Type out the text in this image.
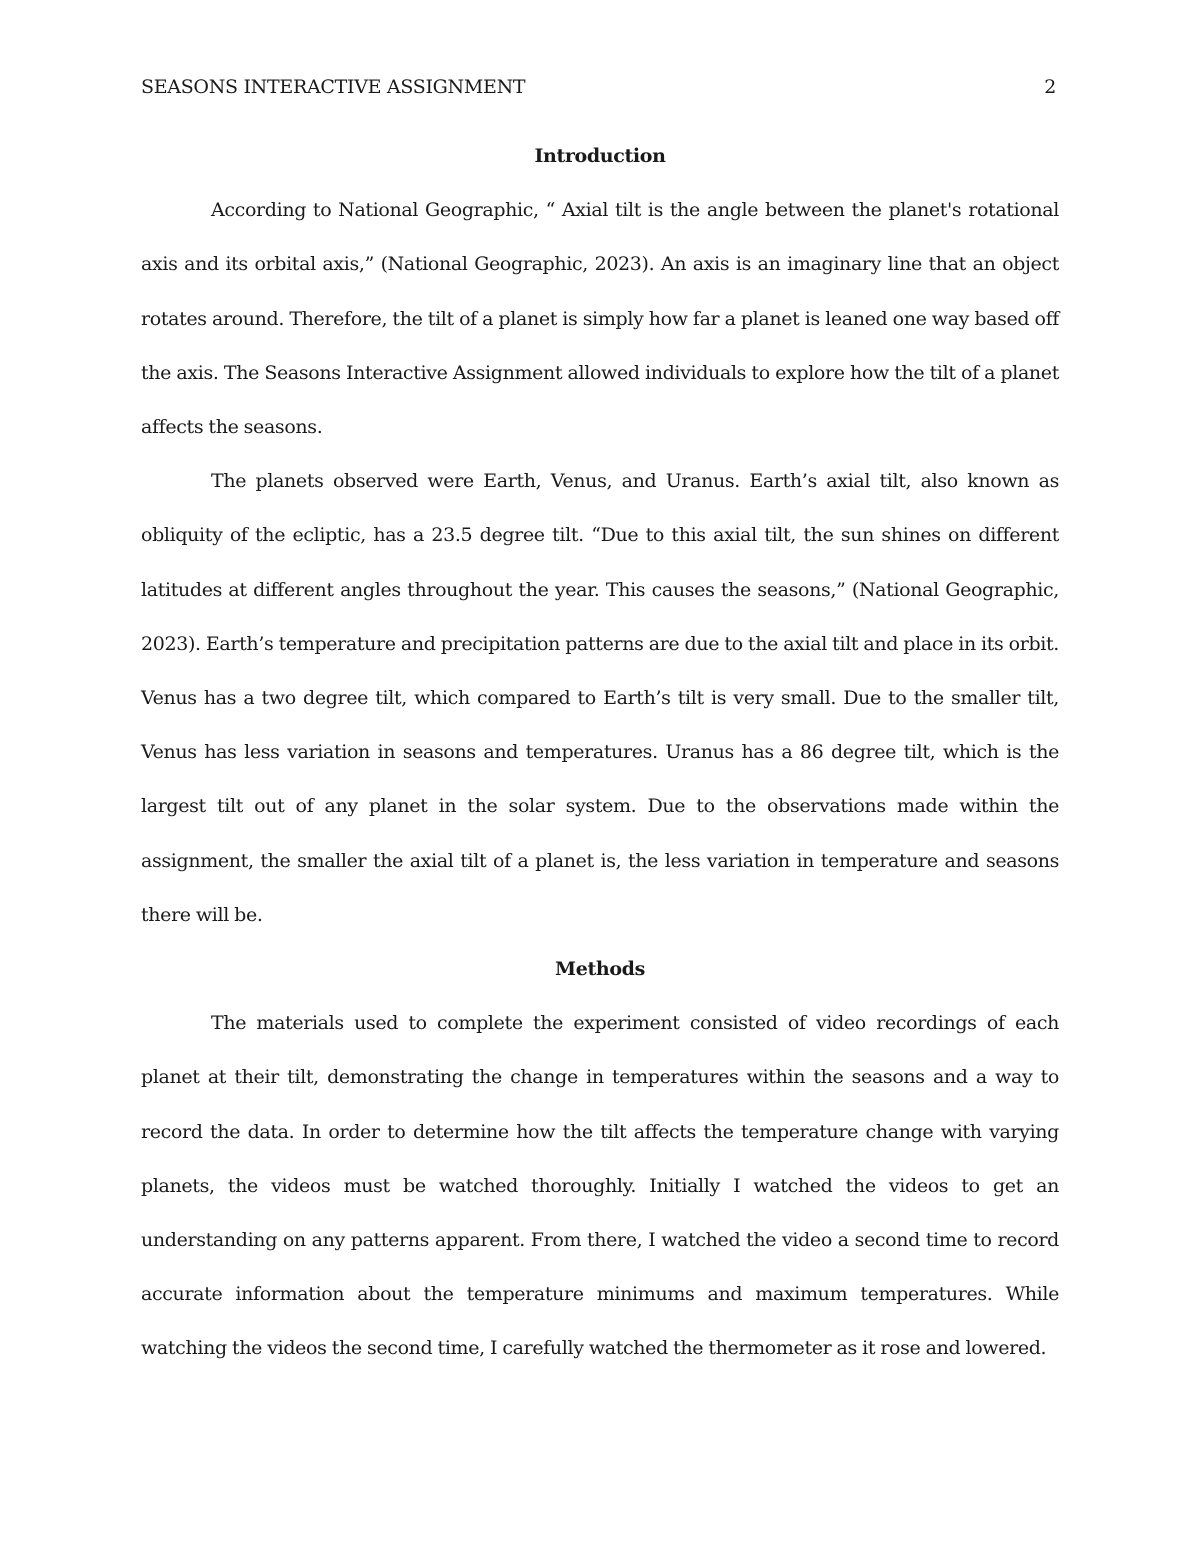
SEASONS INTERACTIVE ASSIGNMENT	2
Introduction

According to National Geographic, “ Axial tilt is the angle between the planet's rotational axis and its orbital axis,” (National Geographic, 2023). An axis is an imaginary line that an object rotates around. Therefore, the tilt of a planet is simply how far a planet is leaned one way based off the axis. The Seasons Interactive Assignment allowed individuals to explore how the tilt of a planet affects the seasons.

The planets observed were Earth, Venus, and Uranus. Earth’s axial tilt, also known as obliquity of the ecliptic, has a 23.5 degree tilt. “Due to this axial tilt, the sun shines on different latitudes at different angles throughout the year. This causes the seasons,” (National Geographic, 2023). Earth’s temperature and precipitation patterns are due to the axial tilt and place in its orbit. Venus has a two degree tilt, which compared to Earth’s tilt is very small. Due to the smaller tilt, Venus has less variation in seasons and temperatures. Uranus has a 86 degree tilt, which is the largest tilt out of any planet in the solar system. Due to the observations made within the assignment, the smaller the axial tilt of a planet is, the less variation in temperature and seasons there will be.

Methods

The materials used to complete the experiment consisted of video recordings of each planet at their tilt, demonstrating the change in temperatures within the seasons and a way to record the data. In order to determine how the tilt affects the temperature change with varying planets, the videos must be watched thoroughly. Initially I watched the videos to get an understanding on any patterns apparent. From there, I watched the video a second time to record accurate information about the temperature minimums and maximum temperatures. While watching the videos the second time, I carefully watched the thermometer as it rose and lowered.
